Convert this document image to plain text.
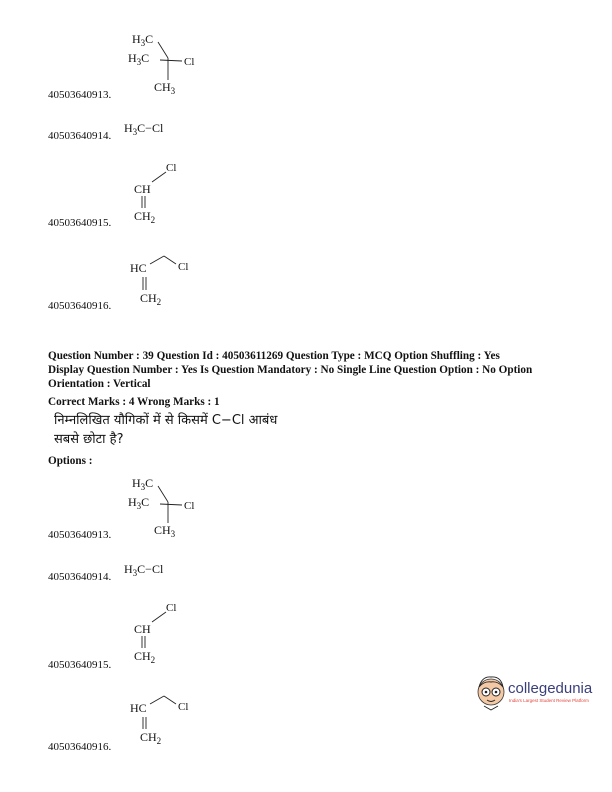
$H_3C$
$H_3C$	Cl
$CH_3$
40503640913.
40503640914.
$H_3C-Cl$
Cl
CH
$CH_2$
40503640915.
HC	Cl
$CH_2$
40503640916.
Question Number : 39 Question Id : 40503611269 Question Type : MCQ Option Shuffling : Yes
Display Question Number : Yes Is Question Mandatory : No Single Line Question Option : No Option
Orientation : Vertical
Correct Marks : 4 Wrong Marks : 1
निम्नलिखित यौगिकों में से किसमें C−Cl आबंध
सबसे छोटा है?
Options :
$H_3C$
$H_3C$	Cl
$CH_3$
40503640913.
40503640914.
$H_3C-Cl$
Cl
CH
$CH_2$
40503640915.
HC	Cl
$CH_2$
40503640916.
collegedunia
India's Largest Student Review Platform
